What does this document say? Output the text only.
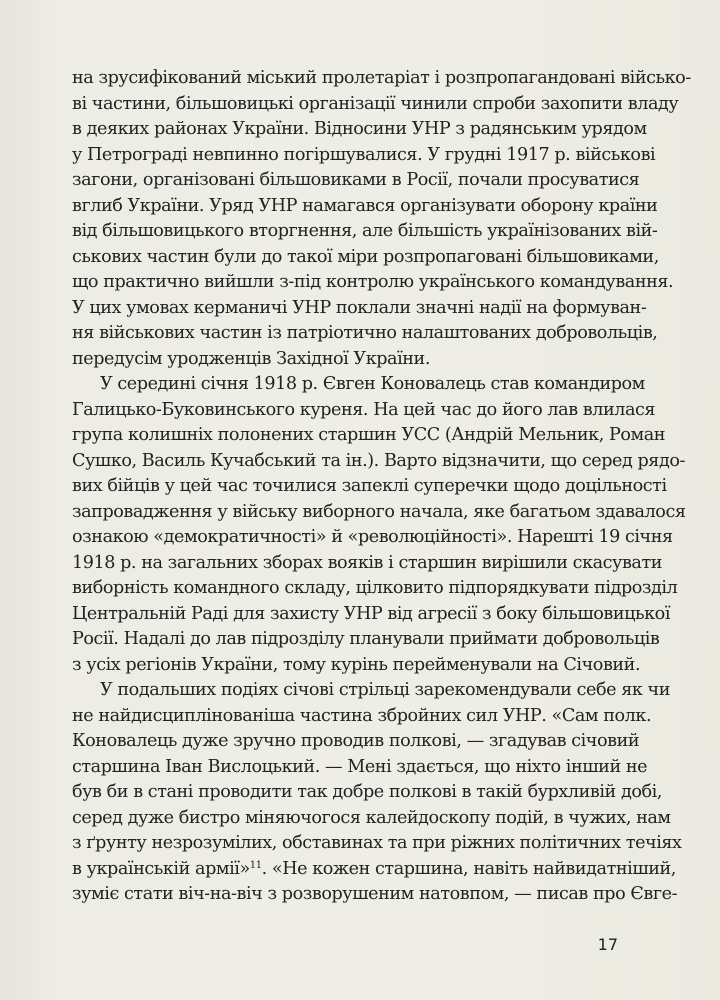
на зрусифікований міський пролетаріат і розпропагандовані військо-
ві частини, більшовицькі організації чинили спроби захопити владу
в деяких районах України. Відносини УНР з радянським урядом
у Петрограді невпинно погіршувалися. У грудні 1917 р. військові
загони, організовані більшовиками в Росії, почали просуватися
вглиб України. Уряд УНР намагався організувати оборону країни
від більшовицького вторгнення, але більшість українізованих вій-
ськових частин були до такої міри розпропаговані більшовиками,
що практично вийшли з-під контролю українського командування.
У цих умовах керманичі УНР поклали значні надії на формуван-
ня військових частин із патріотично налаштованих добровольців,
передусім уродженців Західної України.
У середині січня 1918 р. Євген Коновалець став командиром
Галицько-Буковинського куреня. На цей час до його лав влилася
група колишніх полонених старшин УСС (Андрій Мельник, Роман
Сушко, Василь Кучабський та ін.). Варто відзначити, що серед рядо-
вих бійців у цей час точилися запеклі суперечки щодо доцільності
запровадження у війську виборного начала, яке багатьом здавалося
ознакою «демократичності» й «революційності». Нарешті 19 січня
1918 р. на загальних зборах вояків і старшин вирішили скасувати
виборність командного складу, цілковито підпорядкувати підрозділ
Центральній Раді для захисту УНР від агресії з боку більшовицької
Росії. Надалі до лав підрозділу планували приймати добровольців
з усіх регіонів України, тому курінь перейменували на Січовий.
У подальших подіях січові стрільці зарекомендували себе як чи
не найдисциплінованіша частина збройних сил УНР. «Сам полк.
Коновалець дуже зручно проводив полкові, — згадував січовий
старшина Іван Вислоцький. — Мені здається, що ніхто інший не
був би в стані проводити так добре полкові в такій бурхливій добі,
серед дуже бистро міняючогося калейдоскопу подій, в чужих, нам
з ґрунту незрозумілих, обставинах та при ріжних політичних течіях
в українській армії»$^{11}$. «Не кожен старшина, навіть найвидатніший,
зуміє стати віч-на-віч з розворушеним натовпом, — писав про Євге-
17
